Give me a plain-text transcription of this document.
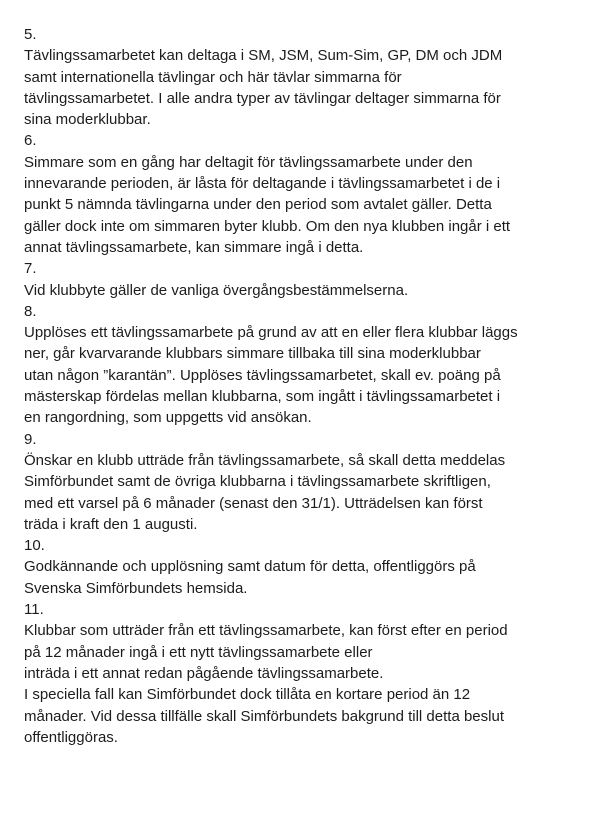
5.
Tävlingssamarbetet kan deltaga i SM, JSM, Sum-Sim, GP, DM och JDM
samt internationella tävlingar och här tävlar simmarna för
tävlingssamarbetet. I alle andra typer av tävlingar deltager simmarna för
sina moderklubbar.
6.
Simmare som en gång har deltagit för tävlingssamarbete under den
innevarande perioden, är låsta för deltagande i tävlingssamarbetet i de i
punkt 5 nämnda tävlingarna under den period som avtalet gäller. Detta
gäller dock inte om simmaren byter klubb. Om den nya klubben ingår i ett
annat tävlingssamarbete, kan simmare ingå i detta.
7.
Vid klubbyte gäller de vanliga övergångsbestämmelserna.
8.
Upplöses ett tävlingssamarbete på grund av att en eller flera klubbar läggs
ner, går kvarvarande klubbars simmare tillbaka till sina moderklubbar
utan någon ”karantän”. Upplöses tävlingssamarbetet, skall ev. poäng på
mästerskap fördelas mellan klubbarna, som ingått i tävlingssamarbetet i
en rangordning, som uppgetts vid ansökan.
9.
Önskar en klubb utträde från tävlingssamarbete, så skall detta meddelas
Simförbundet samt de övriga klubbarna i tävlingssamarbete skriftligen,
med ett varsel på 6 månader (senast den 31/1). Utträdelsen kan först
träda i kraft den 1 augusti.
10.
Godkännande och upplösning samt datum för detta, offentliggörs på
Svenska Simförbundets hemsida.
11.
Klubbar som utträder från ett tävlingssamarbete, kan först efter en period
på 12 månader ingå i ett nytt tävlingssamarbete eller
inträda i ett annat redan pågående tävlingssamarbete.
I speciella fall kan Simförbundet dock tillåta en kortare period än 12
månader. Vid dessa tillfälle skall Simförbundets bakgrund till detta beslut
offentliggöras.
